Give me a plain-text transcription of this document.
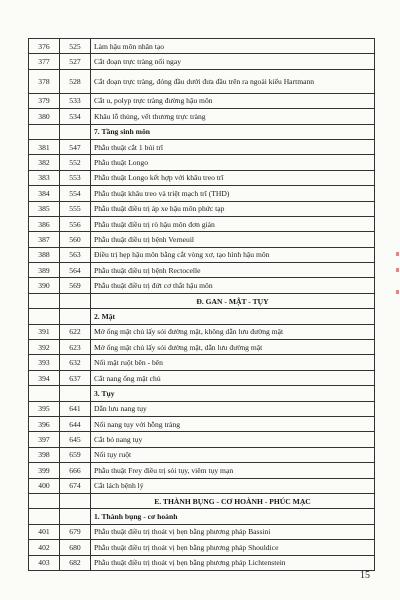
376	525	Làm hậu môn nhân tạo
377	527	Cắt đoạn trực tràng nối ngay
378	528	Cắt đoạn trực tràng, đóng đầu dưới đưa đầu trên ra ngoài kiểu Hartmann
379	533	Cắt u, polyp trực tràng đường hậu môn
380	534	Khâu lỗ thủng, vết thương trực tràng
		7. Tầng sinh môn
381	547	Phẫu thuật cắt 1 búi trĩ
382	552	Phẫu thuật Longo
383	553	Phẫu thuật Longo kết hợp với khâu treo trĩ
384	554	Phẫu thuật khâu treo và triệt mạch trĩ (THD)
385	555	Phẫu thuật điều trị áp xe hậu môn phức tạp
386	556	Phẫu thuật điều trị rò hậu môn đơn giản
387	560	Phẫu thuật điều trị bệnh Verneuil
388	563	Điều trị hẹp hậu môn bằng cắt vòng xơ, tạo hình hậu môn
389	564	Phẫu thuật điều trị bệnh Rectocelle
390	569	Phẫu thuật điều trị đứt cơ thắt hậu môn
		Đ. GAN - MẬT - TỤY
		2. Mật
391	622	Mở ống mật chủ lấy sỏi đường mật, không dẫn lưu đường mật
392	623	Mở ống mật chủ lấy sỏi đường mật, dẫn lưu đường mật
393	632	Nối mật ruột bên - bên
394	637	Cắt nang ống mật chủ
		3. Tụy
395	641	Dẫn lưu nang tụy
396	644	Nối nang tụy với hỗng tràng
397	645	Cắt bỏ nang tụy
398	659	Nối tụy ruột
399	666	Phẫu thuật Frey điều trị sỏi tụy, viêm tụy mạn
400	674	Cắt lách bệnh lý
		E. THÀNH BỤNG - CƠ HOÀNH - PHÚC MẠC
		1. Thành bụng - cơ hoành
401	679	Phẫu thuật điều trị thoát vị bẹn bằng phương pháp Bassini
402	680	Phẫu thuật điều trị thoát vị bẹn bằng phương pháp Shouldice
403	682	Phẫu thuật điều trị thoát vị bẹn bằng phương pháp Lichtenstein
15
